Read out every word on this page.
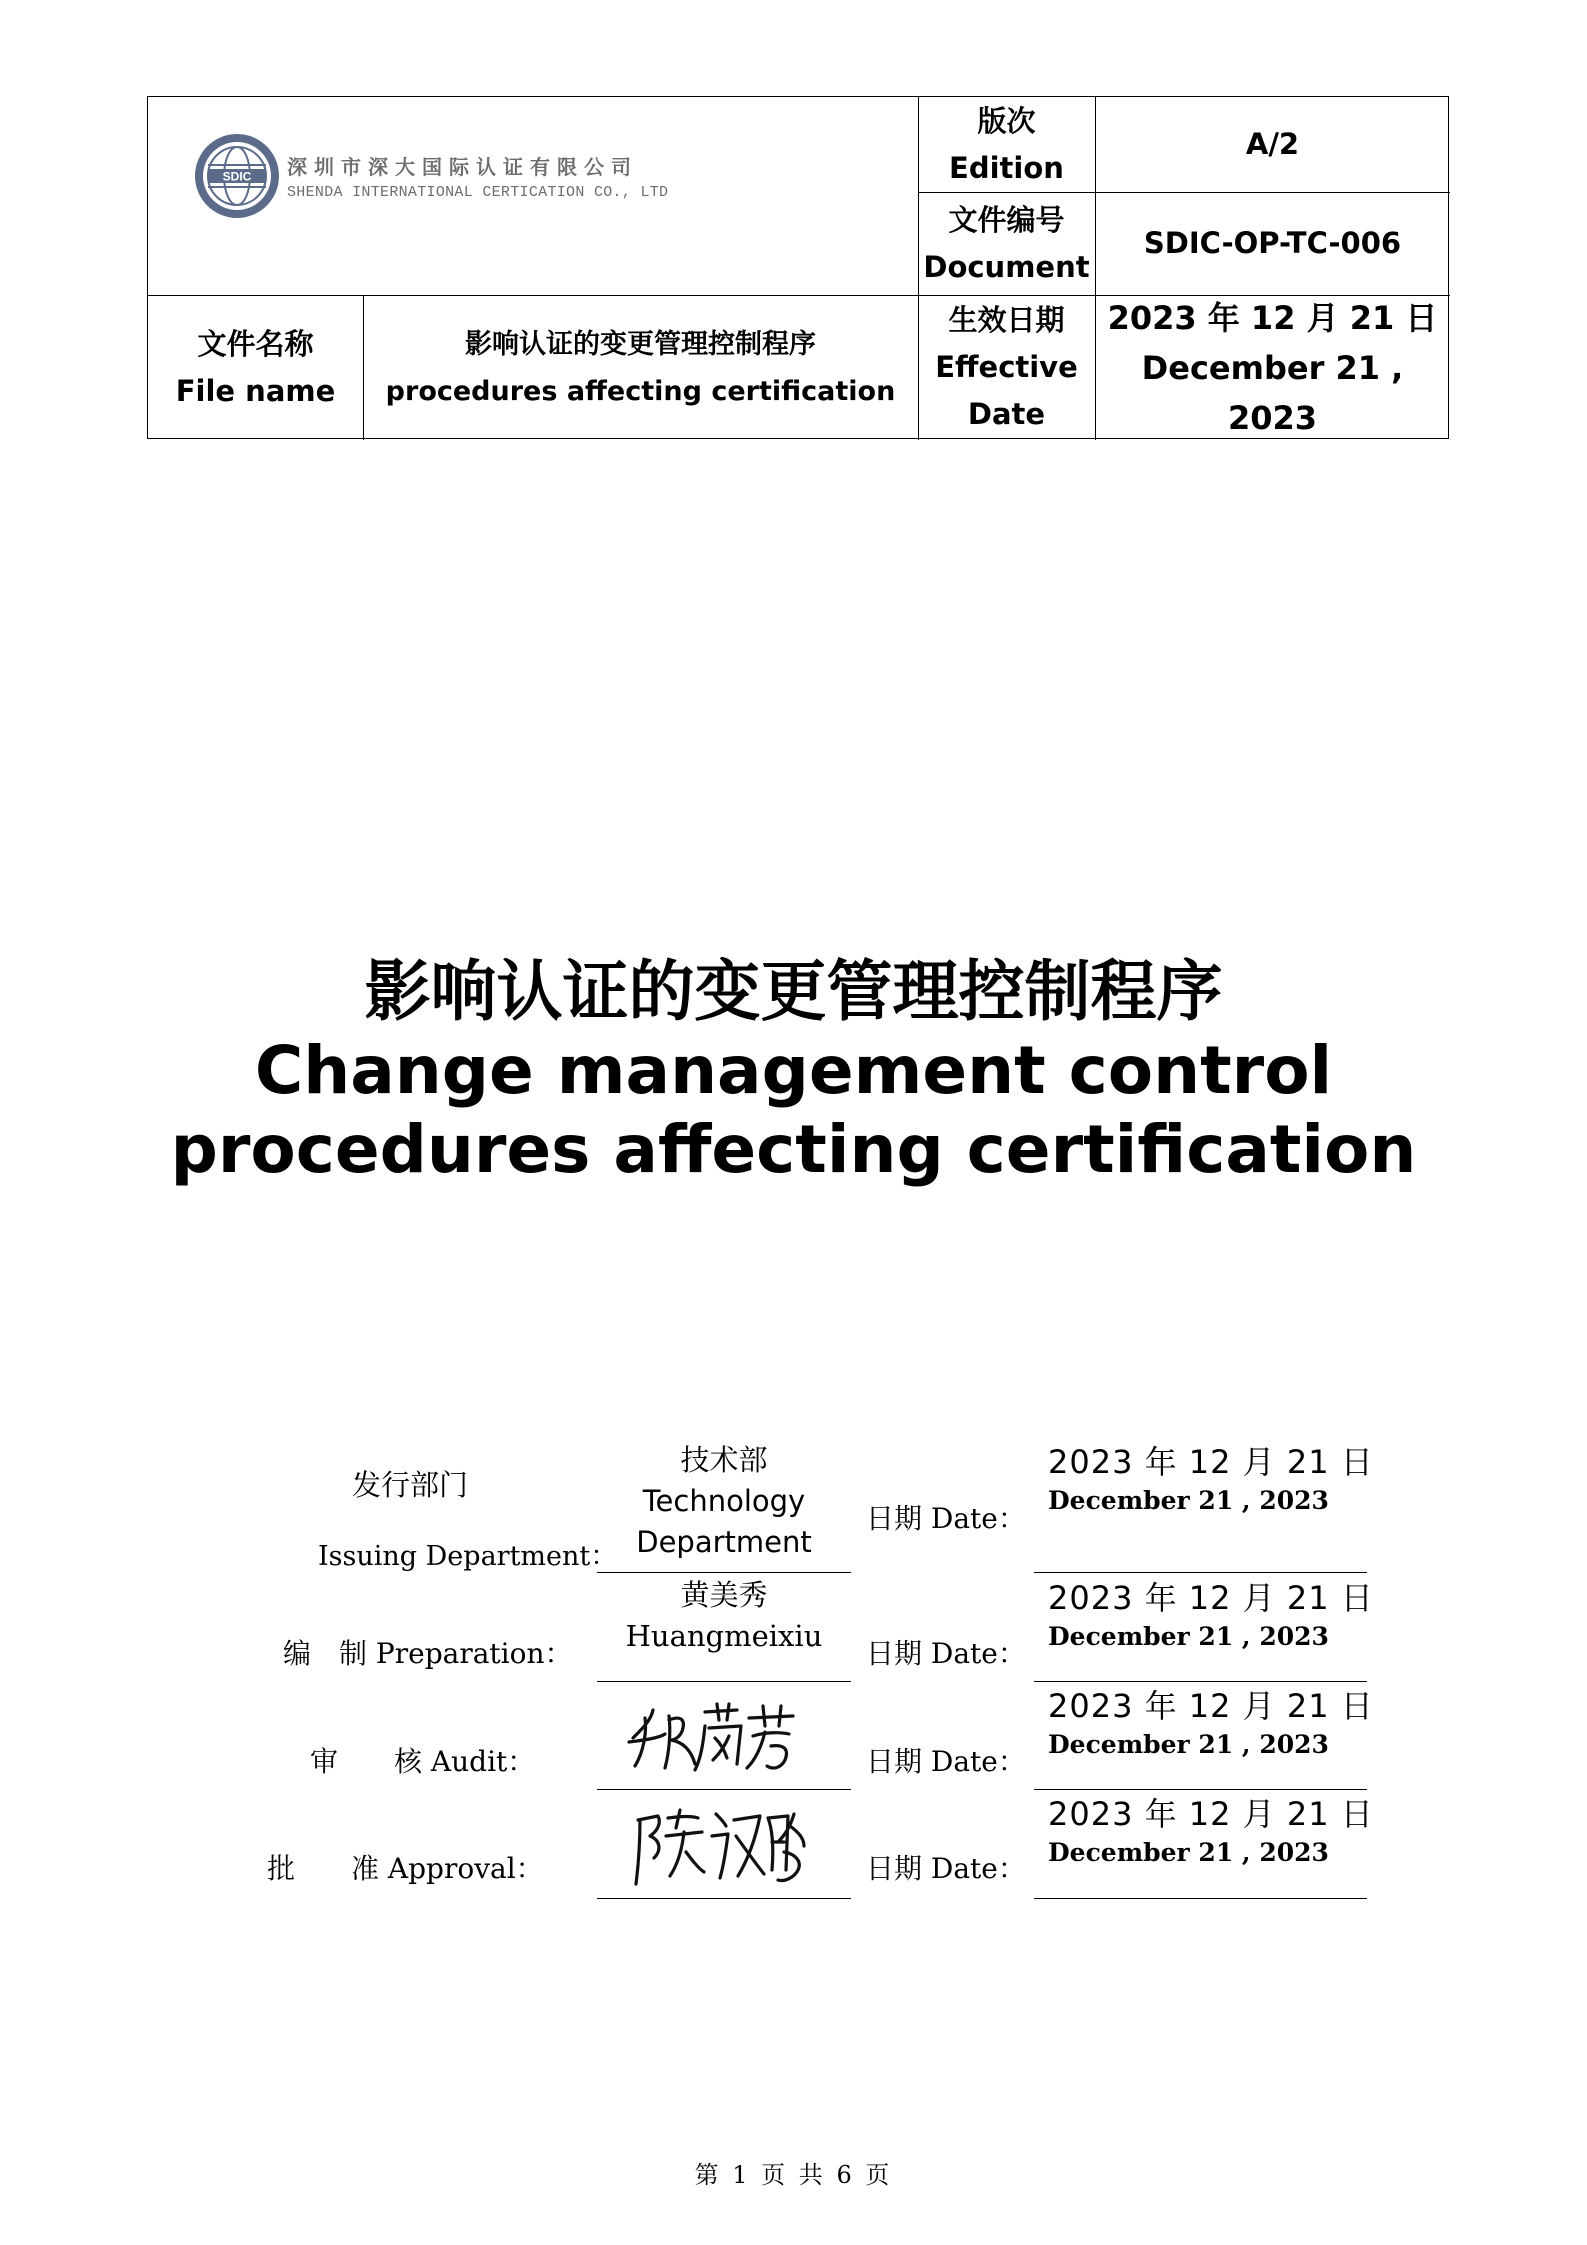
SDIC 深圳市深大国际认证有限公司
SHENDA INTERNATIONAL CERTICATION CO., LTD
版次
Edition
A/2
文件编号
Document
SDIC-OP-TC-006
文件名称
File name
影响认证的变更管理控制程序
procedures affecting certification
生效日期
Effective
Date
2023 年 12 月 21 日
December 21 , 2023
影响认证的变更管理控制程序
Change management control
procedures affecting certification
发行部门
Issuing Department：
技术部
Technology
Department
日期 Date：
2023 年 12 月 21 日
December 21 , 2023
编　制 Preparation：
黄美秀
Huangmeixiu
日期 Date：
2023 年 12 月 21 日
December 21 , 2023
审　　核 Audit：	日期 Date：
2023 年 12 月 21 日
December 21 , 2023
批　　准 Approval：	日期 Date：
2023 年 12 月 21 日
December 21 , 2023
第 1 页 共 6 页
